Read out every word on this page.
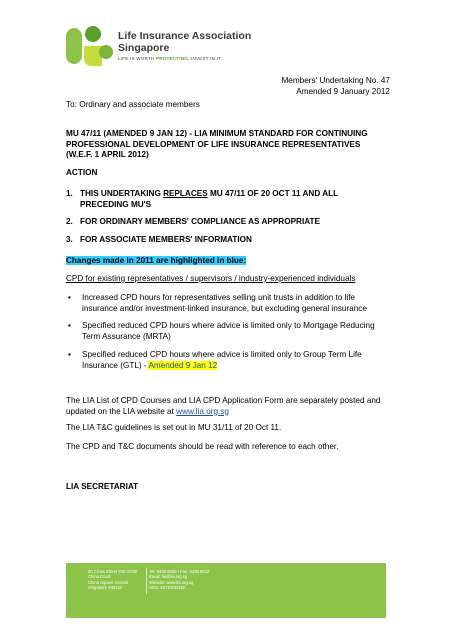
Life Insurance Association
Singapore
LIFE IS WORTH PROTECTING. INVEST IN IT.
Members' Undertaking No. 47
Amended 9 January 2012
To: Ordinary and associate members
MU 47/11 (AMENDED 9 JAN 12) - LIA MINIMUM STANDARD FOR CONTINUING PROFESSIONAL DEVELOPMENT OF LIFE INSURANCE REPRESENTATIVES (W.E.F. 1 APRIL 2012)
ACTION
1. THIS UNDERTAKING REPLACES MU 47/11 OF 20 OCT 11 AND ALL PRECEDING MU'S
2. FOR ORDINARY MEMBERS' COMPLIANCE AS APPROPRIATE
3. FOR ASSOCIATE MEMBERS' INFORMATION
Changes made in 2011 are highlighted in blue:
CPD for existing representatives / supervisors / industry-experienced individuals
▪ Increased CPD hours for representatives selling unit trusts in addition to life insurance and/or investment-linked insurance, but excluding general insurance
▪ Specified reduced CPD hours where advice is limited only to Mortgage Reducing Term Assurance (MRTA)
▪ Specified reduced CPD hours where advice is limited only to Group Term Life Insurance (GTL) - Amended 9 Jan 12
The LIA List of CPD Courses and LIA CPD Application Form are separately posted and updated on the LIA website at www.lia.org.sg
The LIA T&C guidelines is set out in MU 31/11 of 20 Oct 11.
The CPD and T&C documents should be read with reference to each other.
LIA SECRETARIAT
20 Cross Street #02-07/08
China Court
China Square Central
Singapore 048422
Tel: 6438 8900 • Fax: 6438 6832
Email: lia@lia.org.sg
Website: www.lia.org.sg
UEN: S67SS0034D
